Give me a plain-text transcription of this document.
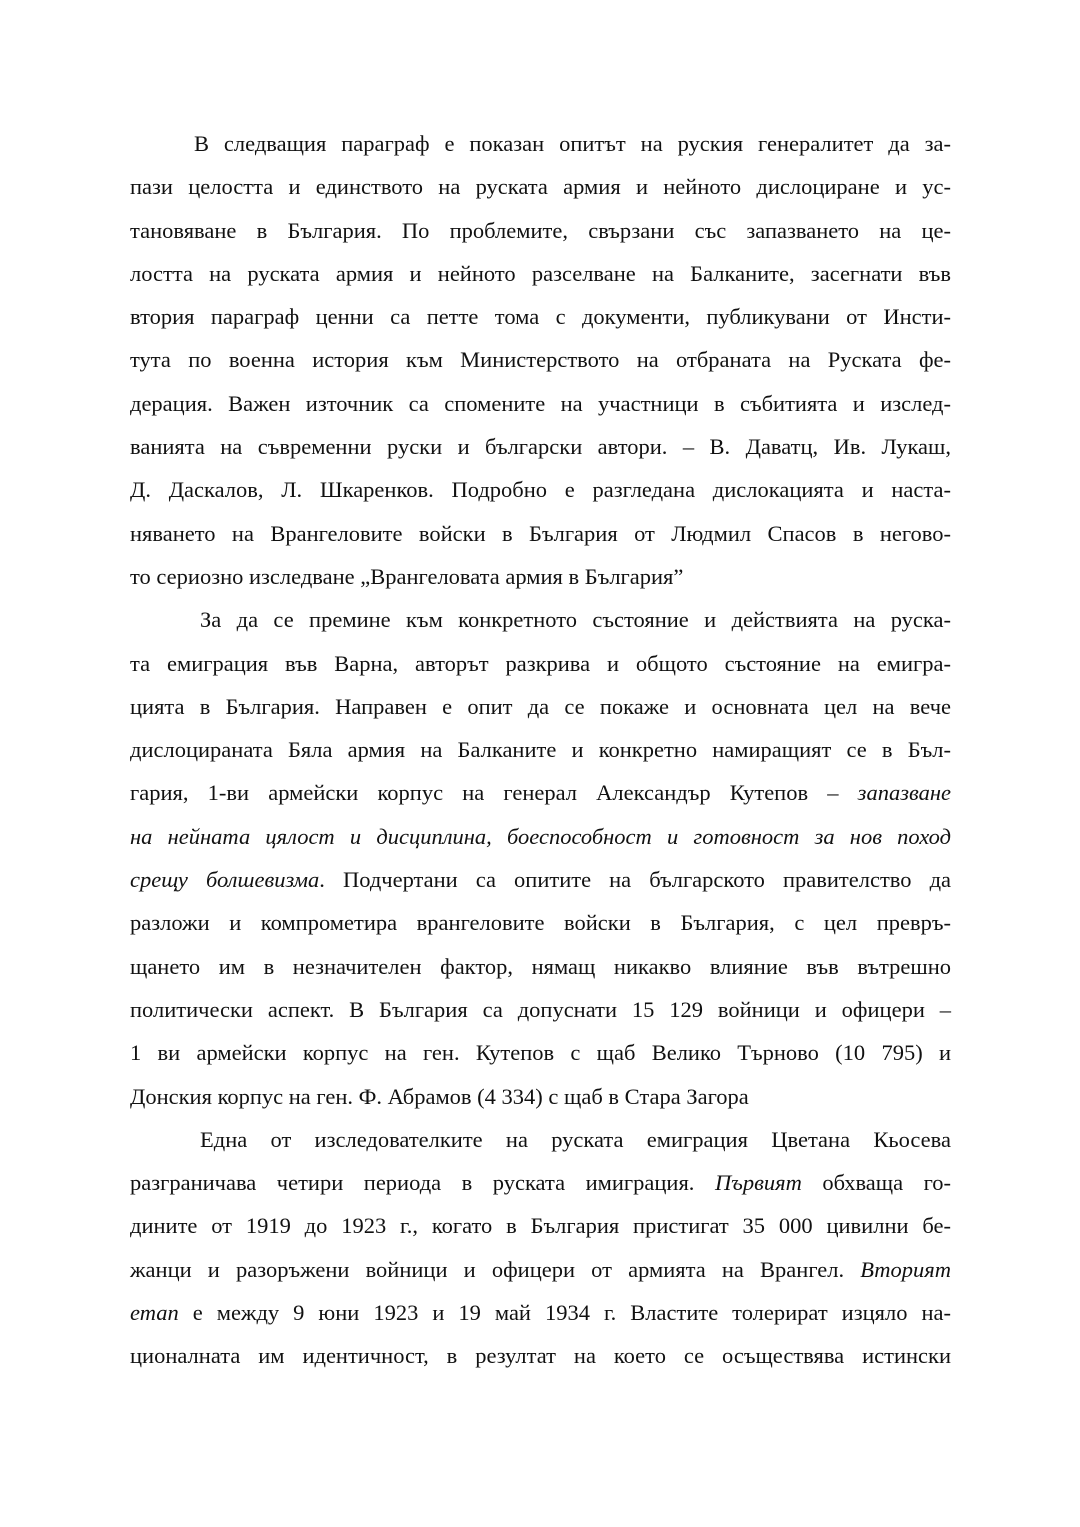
В следващия параграф е показан опитът на руския генералитет да за-
пази целостта и единството на руската армия и нейното дислоциране и ус-
тановяване в България. По проблемите, свързани със запазването на це-
лостта на руската армия и нейното разселване на Балканите, засегнати във
втория параграф ценни са петте тома с документи, публикувани от Инсти-
тута по военна история към Министерството на отбраната на Руската фе-
дерация. Важен източник са спомените на участници в събитията и изслед-
ванията на съвременни руски и български автори. – В. Даватц, Ив. Лукаш,
Д. Даскалов, Л. Шкаренков. Подробно е разгледана дислокацията и наста-
няването на Врангеловите войски в България от Людмил Спасов в негово-
то сериозно изследване „Врангеловата армия в България”
За да се премине към конкретното състояние и действията на руска-
та емиграция във Варна, авторът разкрива и общото състояние на емигра-
цията в България. Направен е опит да се покаже и основната цел на вече
дислоцираната Бяла армия на Балканите и конкретно намиращият се в Бъл-
гария, 1-ви армейски корпус на генерал Александър Кутепов – запазване
на нейната цялост и дисциплина, боеспособност и готовност за нов поход
срещу болшевизма. Подчертани са опитите на българското правителство да
разложи и компрометира врангеловите войски в България, с цел превръ-
щането им в незначителен фактор, нямащ никакво влияние във вътрешно
политически аспект. В България са допуснати 15 129 войници и офицери –
1 ви армейски корпус на ген. Кутепов с щаб Велико Търново (10 795) и
Донския корпус на ген. Ф. Абрамов (4 334) с щаб в Стара Загора
Една от изследователките на руската емиграция Цветана Кьосева
разграничава четири периода в руската имиграция. Първият обхваща го-
дините от 1919 до 1923 г., когато в България пристигат 35 000 цивилни бе-
жанци и разоръжени войници и офицери от армията на Врангел. Вторият
етап е между 9 юни 1923 и 19 май 1934 г. Властите толерират изцяло на-
ционалната им идентичност, в резултат на което се осъществява истински
